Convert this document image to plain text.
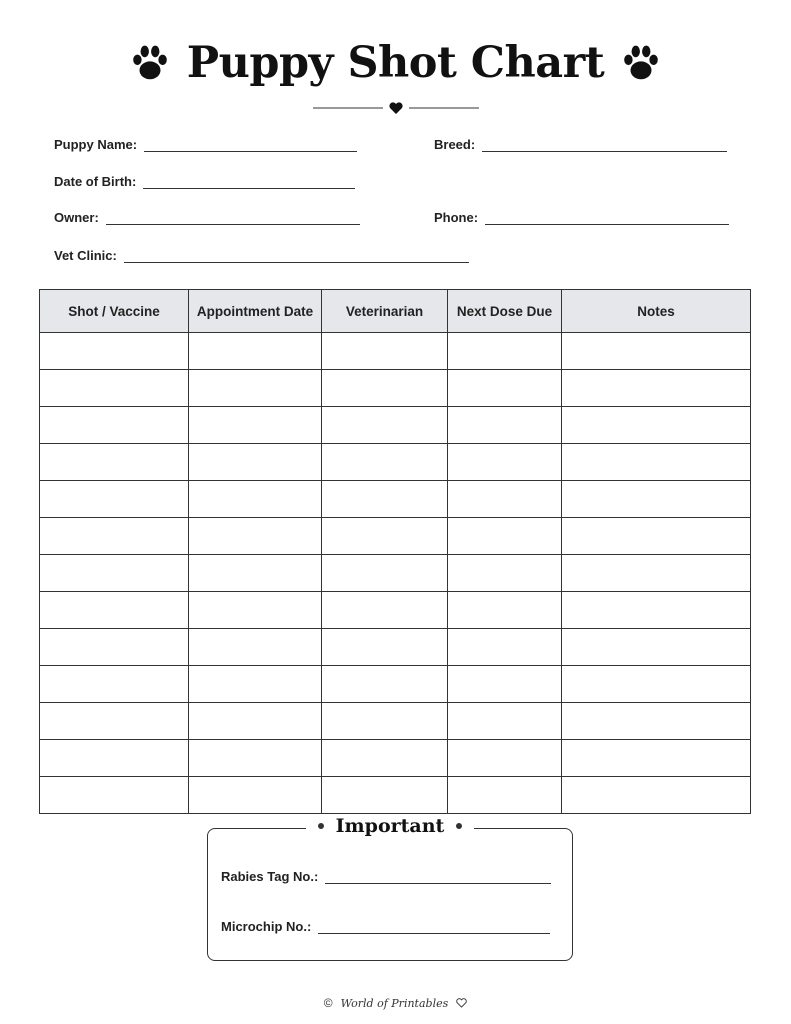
Puppy Shot Chart
Puppy Name:	Breed:
Date of Birth:
Owner:	Phone:
Vet Clinic:
Shot / Vaccine	Appointment Date	Veterinarian	Next Dose Due	Notes

Important
Rabies Tag No.:
Microchip No.:
© World of Printables
